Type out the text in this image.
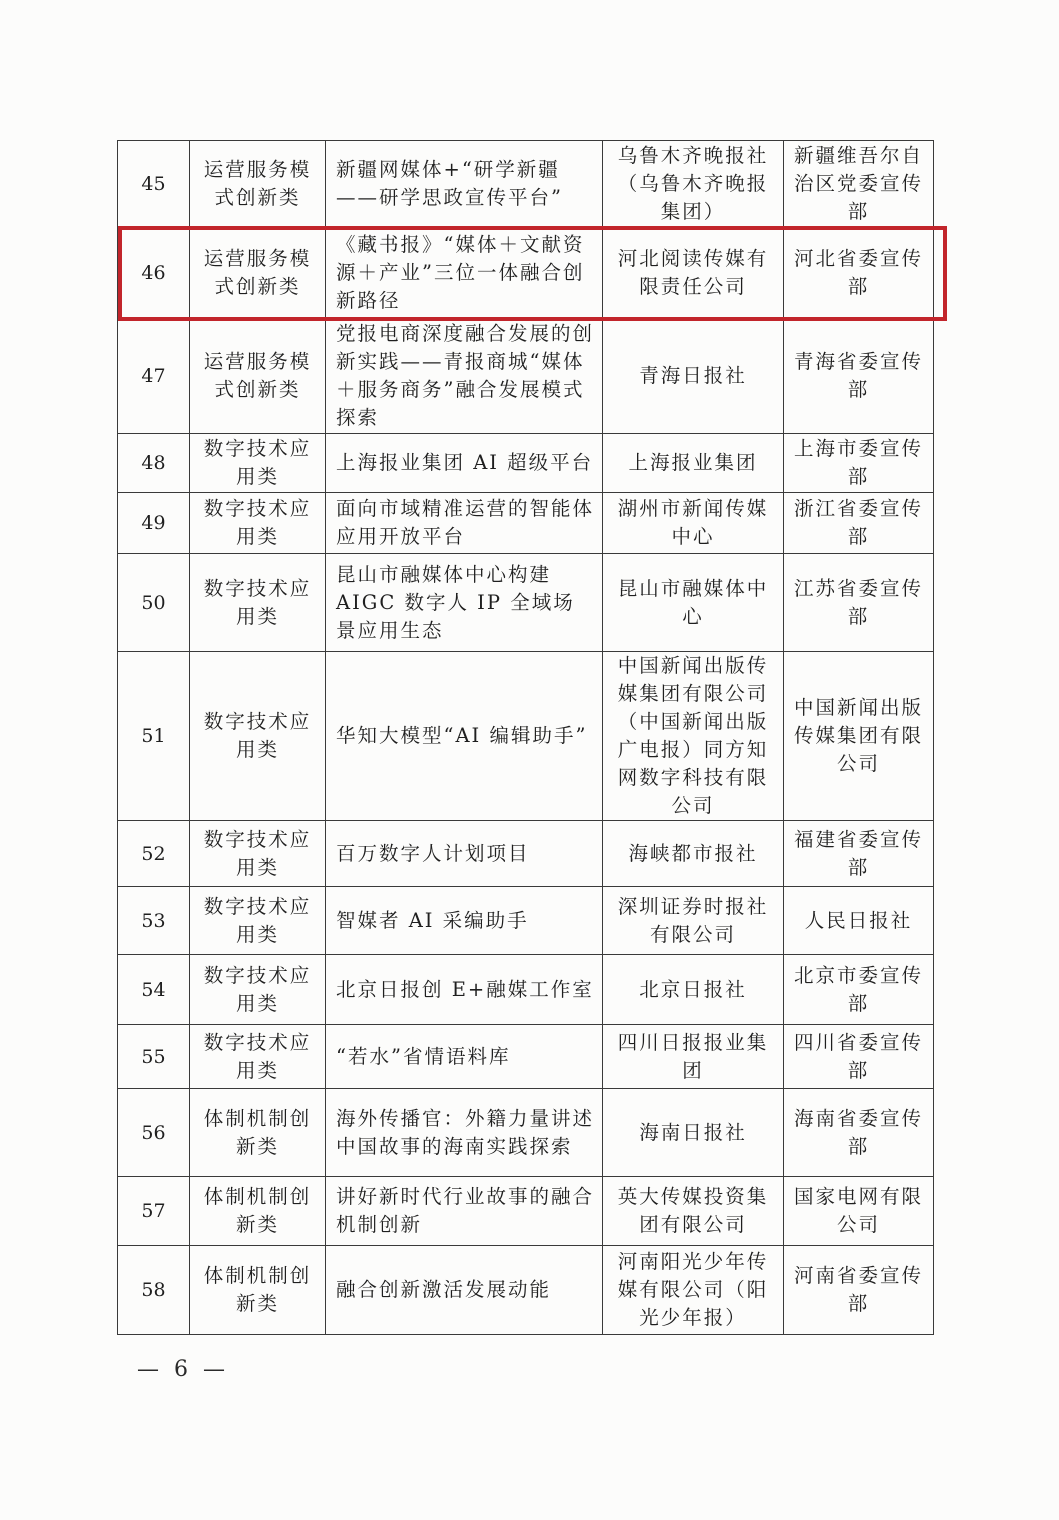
45	运营服务模式创新类	新疆网媒体+“研学新疆——研学思政宣传平台”	乌鲁木齐晚报社（乌鲁木齐晚报集团）	新疆维吾尔自治区党委宣传部
46	运营服务模式创新类	《藏书报》“媒体＋文献资源＋产业”三位一体融合创新路径	河北阅读传媒有限责任公司	河北省委宣传部
47	运营服务模式创新类	党报电商深度融合发展的创新实践——青报商城“媒体＋服务商务”融合发展模式探索	青海日报社	青海省委宣传部
48	数字技术应用类	上海报业集团 AI 超级平台	上海报业集团	上海市委宣传部
49	数字技术应用类	面向市域精准运营的智能体应用开放平台	湖州市新闻传媒中心	浙江省委宣传部
50	数字技术应用类	昆山市融媒体中心构建 AIGC 数字人 IP 全域场景应用生态	昆山市融媒体中心	江苏省委宣传部
51	数字技术应用类	华知大模型“AI 编辑助手”	中国新闻出版传媒集团有限公司（中国新闻出版广电报）同方知网数字科技有限公司	中国新闻出版传媒集团有限公司
52	数字技术应用类	百万数字人计划项目	海峡都市报社	福建省委宣传部
53	数字技术应用类	智媒者 AI 采编助手	深圳证券时报社有限公司	人民日报社
54	数字技术应用类	北京日报创 E+融媒工作室	北京日报社	北京市委宣传部
55	数字技术应用类	“若水”省情语料库	四川日报报业集团	四川省委宣传部
56	体制机制创新类	海外传播官：外籍力量讲述中国故事的海南实践探索	海南日报社	海南省委宣传部
57	体制机制创新类	讲好新时代行业故事的融合机制创新	英大传媒投资集团有限公司	国家电网有限公司
58	体制机制创新类	融合创新激活发展动能	河南阳光少年传媒有限公司（阳光少年报）	河南省委宣传部
— 6 —
